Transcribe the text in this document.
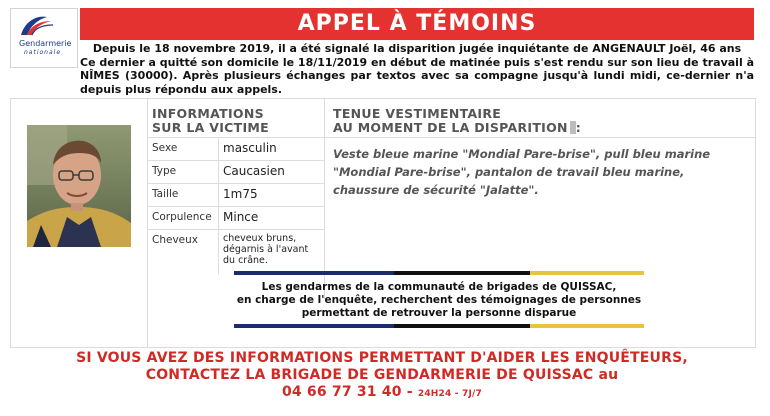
Gendarmerie
nationale
APPEL À TÉMOINS

Depuis le 18 novembre 2019, il a été signalé la disparition jugée inquiétante de ANGENAULT Joël, 46 ans

Ce dernier a quitté son domicile le 18/11/2019 en début de matinée puis s'est rendu sur son lieu de travail à NÎMES (30000). Après plusieurs échanges par textos avec sa compagne jusqu'à lundi midi, ce-dernier n'a depuis plus répondu aux appels.

INFORMATIONS
SUR LA VICTIME
Sexe	masculin
Type	Caucasien
Taille	1m75
Corpulence Mince
Cheveux	cheveux bruns, dégarnis à l'avant du crâne.
TENUE VESTIMENTAIRE
AU MOMENT DE LA DISPARITION :
Veste bleue marine "Mondial Pare-brise", pull bleu marine "Mondial Pare-brise", pantalon de travail bleu marine, chaussure de sécurité "Jalatte".

Les gendarmes de la communauté de brigades de QUISSAC,

en charge de l'enquête, recherchent des témoignages de personnes

permettant de retrouver la personne disparue

SI VOUS AVEZ DES INFORMATIONS PERMETTANT D'AIDER LES ENQUÊTEURS,

CONTACTEZ LA BRIGADE DE GENDARMERIE DE QUISSAC au

04 66 77 31 40 - 24H24 - 7J/7
